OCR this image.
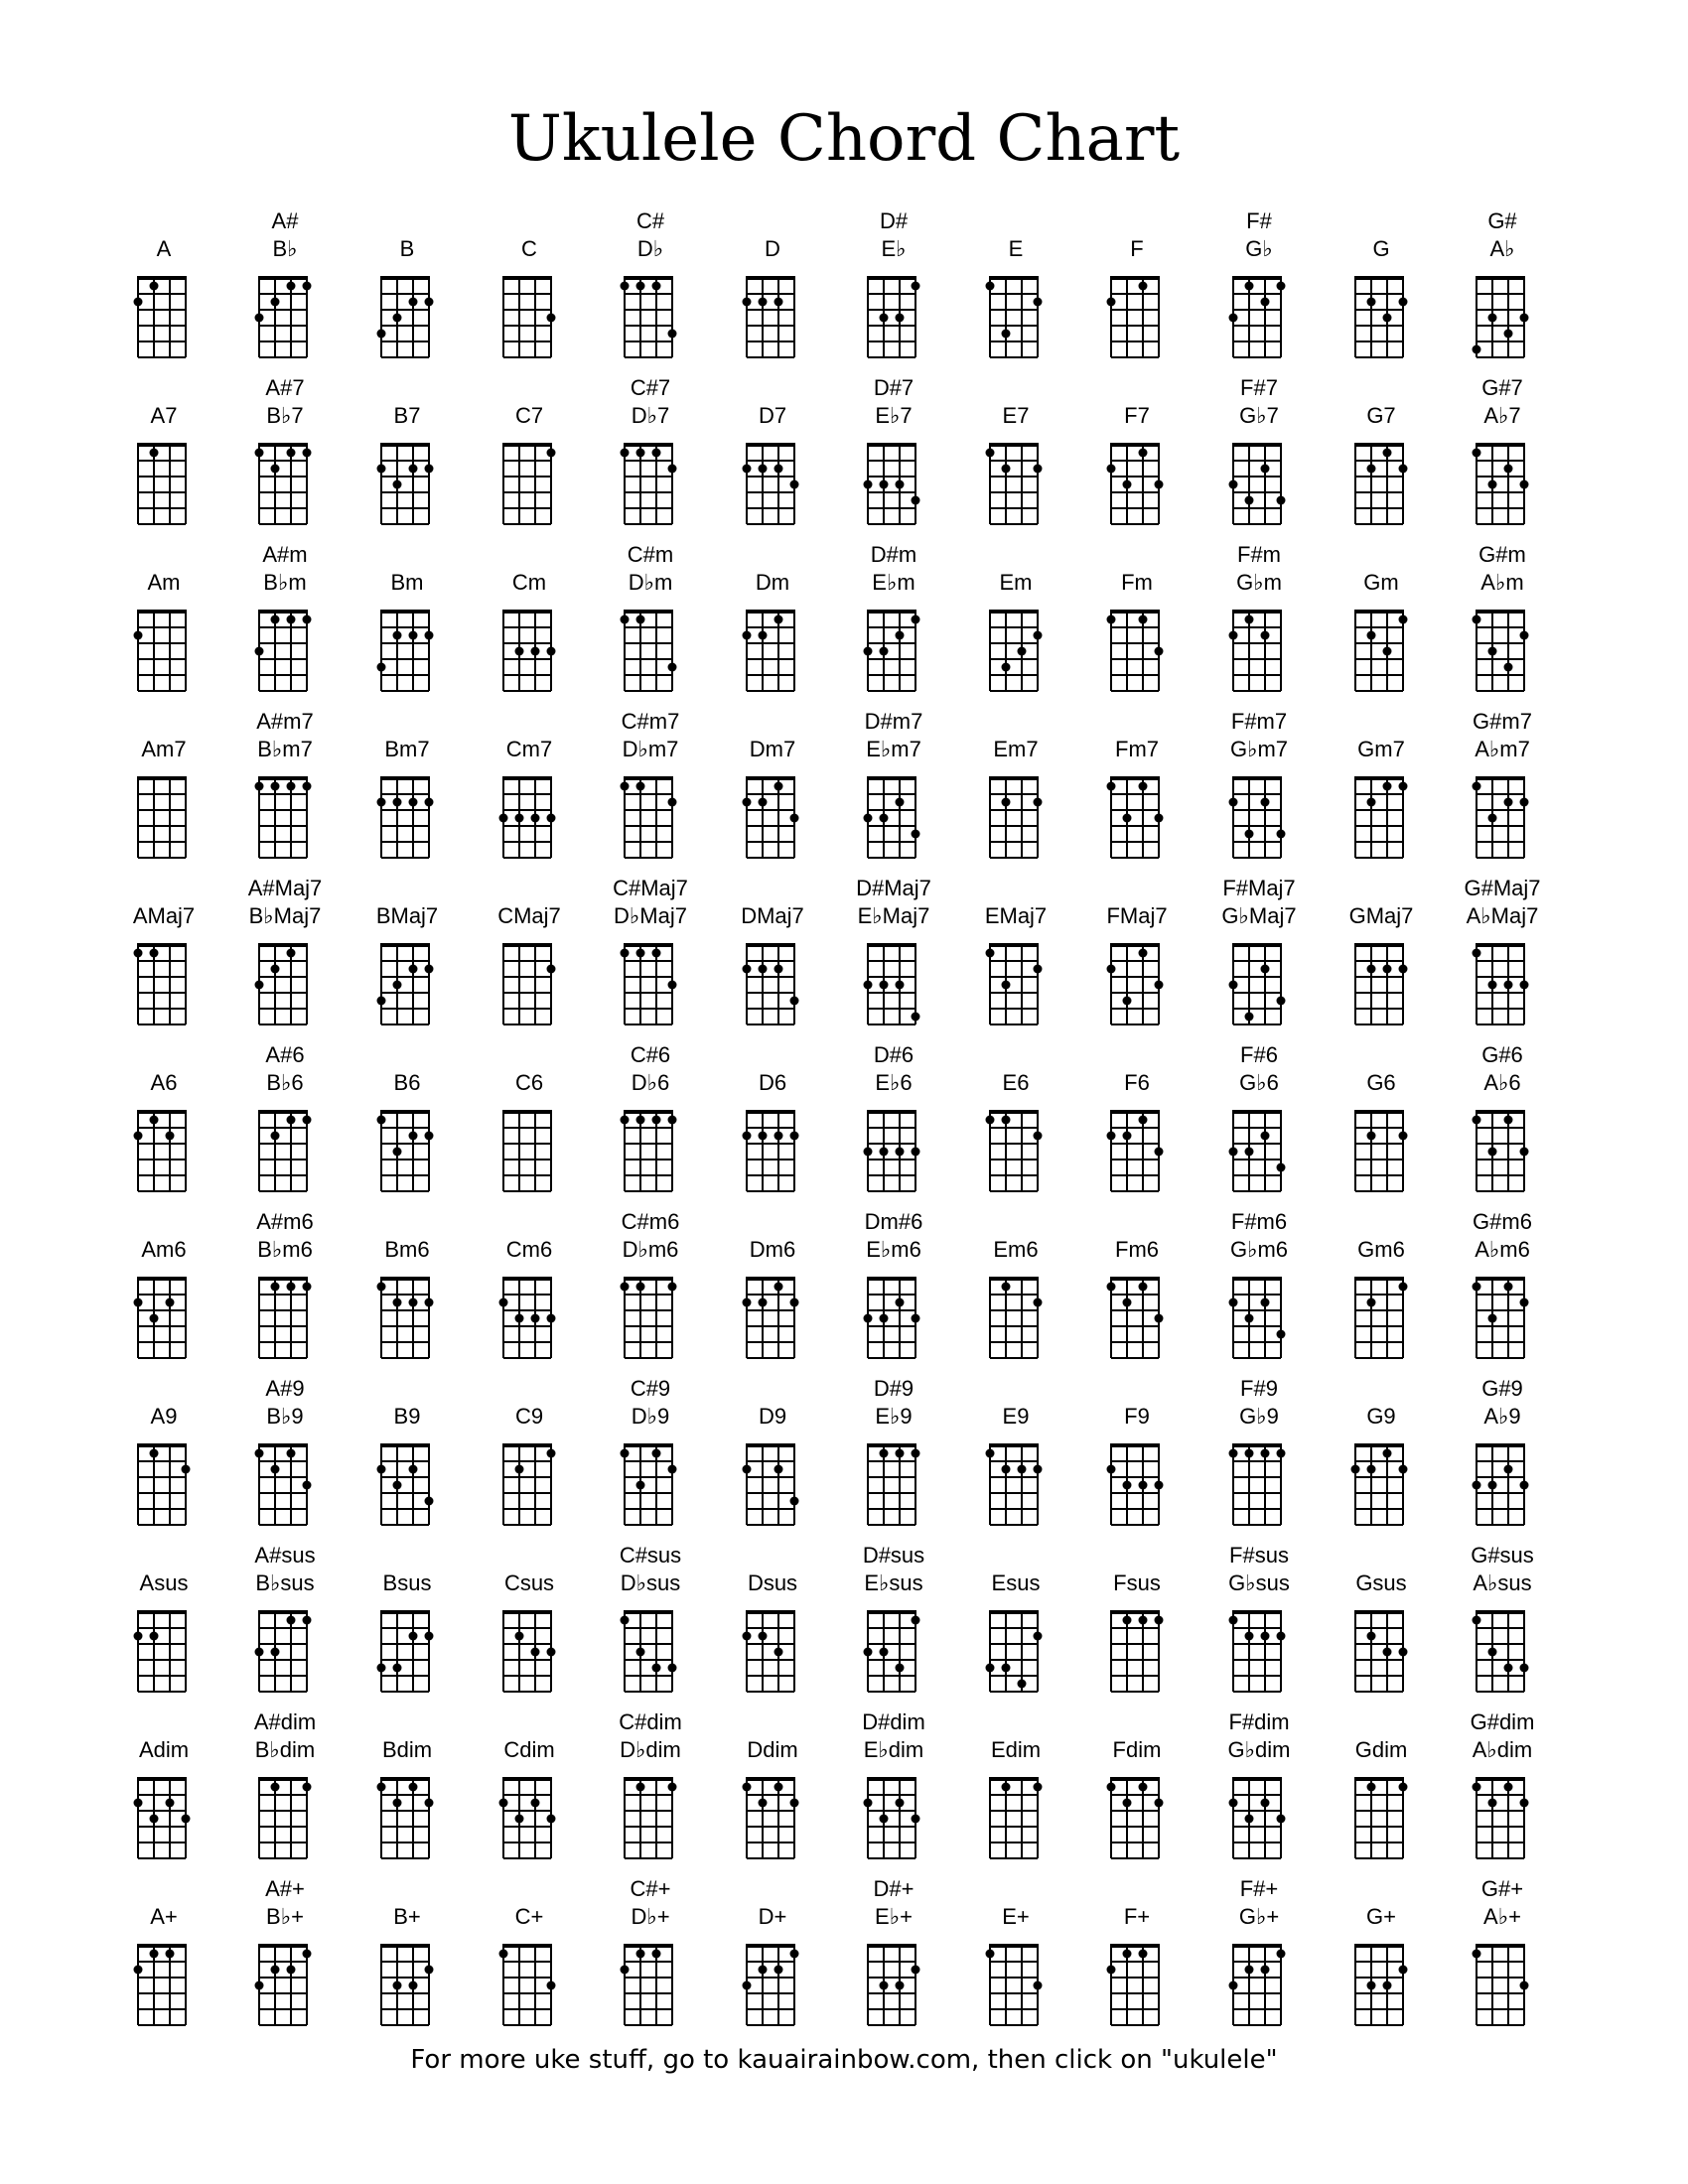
Ukulele Chord Chart
A
A#
B♭	B	C
C#
D♭	D
D#
E♭	E	F
F#
G♭	G
G#
A♭
A7
A#7
B♭7	B7	C7
C#7
D♭7	D7
D#7
E♭7	E7	F7
F#7
G♭7	G7
G#7
A♭7
Am
A#m
B♭m	Bm	Cm
C#m
D♭m	Dm
D#m
E♭m	Em	Fm
F#m
G♭m	Gm
G#m
A♭m
Am7
A#m7
B♭m7	Bm7	Cm7
C#m7
D♭m7	Dm7
D#m7
E♭m7	Em7	Fm7
F#m7
G♭m7	Gm7
G#m7
A♭m7
AMaj7
A#Maj7
B♭Maj7	BMaj7	CMaj7
C#Maj7
D♭Maj7	DMaj7
D#Maj7
E♭Maj7	EMaj7	FMaj7
F#Maj7
G♭Maj7	GMaj7
G#Maj7
A♭Maj7
A6
A#6
B♭6	B6	C6
C#6
D♭6	D6
D#6
E♭6	E6	F6
F#6
G♭6	G6
G#6
A♭6
Am6
A#m6
B♭m6	Bm6	Cm6
C#m6
D♭m6	Dm6
Dm#6
E♭m6	Em6	Fm6
F#m6
G♭m6	Gm6
G#m6
A♭m6
A9
A#9
B♭9	B9	C9
C#9
D♭9	D9
D#9
E♭9	E9	F9
F#9
G♭9	G9
G#9
A♭9
Asus
A#sus
B♭sus	Bsus	Csus
C#sus
D♭sus	Dsus
D#sus
E♭sus	Esus	Fsus
F#sus
G♭sus	Gsus
G#sus
A♭sus
Adim
A#dim
B♭dim	Bdim	Cdim
C#dim
D♭dim	Ddim
D#dim
E♭dim	Edim	Fdim
F#dim
G♭dim	Gdim
G#dim
A♭dim
A+
A#+
B♭+	B+	C+
C#+
D♭+	D+
D#+
E♭+	E+	F+
F#+
G♭+	G+
G#+
A♭+
For more uke stuff, go to kauairainbow.com, then click on "ukulele"
